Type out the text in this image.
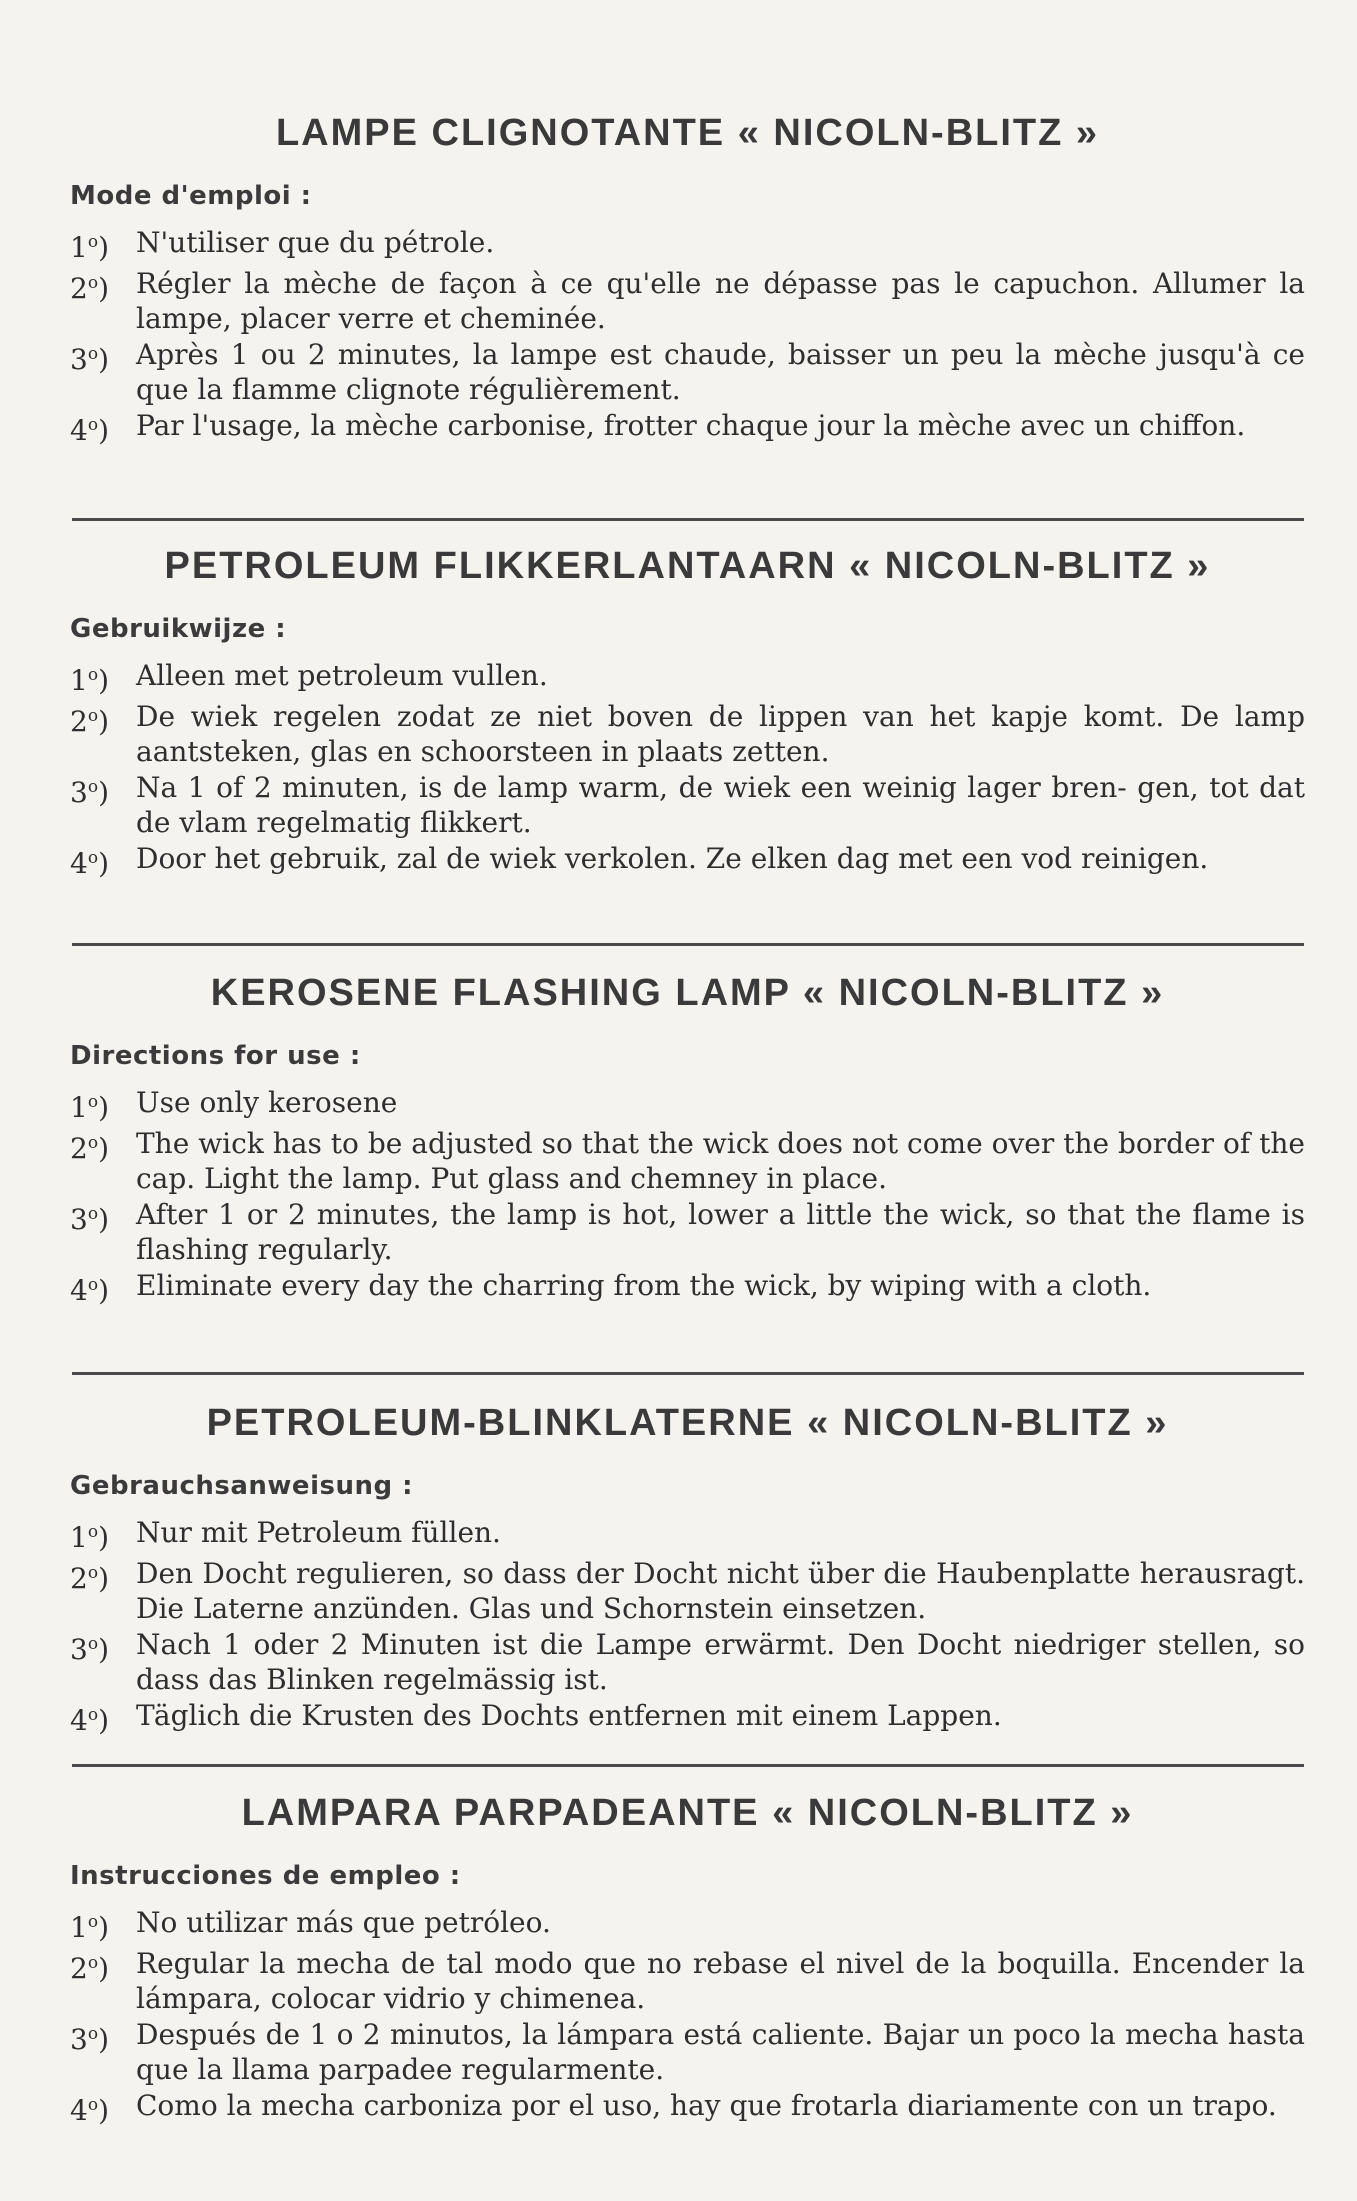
LAMPE CLIGNOTANTE « NICOLN-BLITZ »
Mode d'emploi :
1$^o$) N'utiliser que du pétrole.
2$^o$) Régler la mèche de façon à ce qu'elle ne dépasse pas le capuchon. Allumer la lampe, placer verre et cheminée.
3$^o$) Après 1 ou 2 minutes, la lampe est chaude, baisser un peu la mèche jusqu'à ce que la flamme clignote régulièrement.
4$^o$) Par l'usage, la mèche carbonise, frotter chaque jour la mèche avec un chiffon.
PETROLEUM FLIKKERLANTAARN « NICOLN-BLITZ »
Gebruikwijze :
1$^o$) Alleen met petroleum vullen.
2$^o$) De wiek regelen zodat ze niet boven de lippen van het kapje komt. De lamp aantsteken, glas en schoorsteen in plaats zetten.
3$^o$) Na 1 of 2 minuten, is de lamp warm, de wiek een weinig lager bren- gen, tot dat de vlam regelmatig flikkert.
4$^o$) Door het gebruik, zal de wiek verkolen. Ze elken dag met een vod reinigen.
KEROSENE FLASHING LAMP « NICOLN-BLITZ »
Directions for use :
1$^o$) Use only kerosene
2$^o$) The wick has to be adjusted so that the wick does not come over the border of the cap. Light the lamp. Put glass and chemney in place.
3$^o$) After 1 or 2 minutes, the lamp is hot, lower a little the wick, so that the flame is flashing regularly.
4$^o$) Eliminate every day the charring from the wick, by wiping with a cloth.
PETROLEUM-BLINKLATERNE « NICOLN-BLITZ »
Gebrauchsanweisung :
1$^o$) Nur mit Petroleum füllen.
2$^o$) Den Docht regulieren, so dass der Docht nicht über die Haubenplatte herausragt. Die Laterne anzünden. Glas und Schornstein einsetzen.
3$^o$) Nach 1 oder 2 Minuten ist die Lampe erwärmt. Den Docht niedriger stellen, so dass das Blinken regelmässig ist.
4$^o$) Täglich die Krusten des Dochts entfernen mit einem Lappen.
LAMPARA PARPADEANTE « NICOLN-BLITZ »
Instrucciones de empleo :
1$^o$) No utilizar más que petróleo.
2$^o$) Regular la mecha de tal modo que no rebase el nivel de la boquilla. Encender la lámpara, colocar vidrio y chimenea.
3$^o$) Después de 1 o 2 minutos, la lámpara está caliente. Bajar un poco la mecha hasta que la llama parpadee regularmente.
4$^o$) Como la mecha carboniza por el uso, hay que frotarla diariamente con un trapo.
